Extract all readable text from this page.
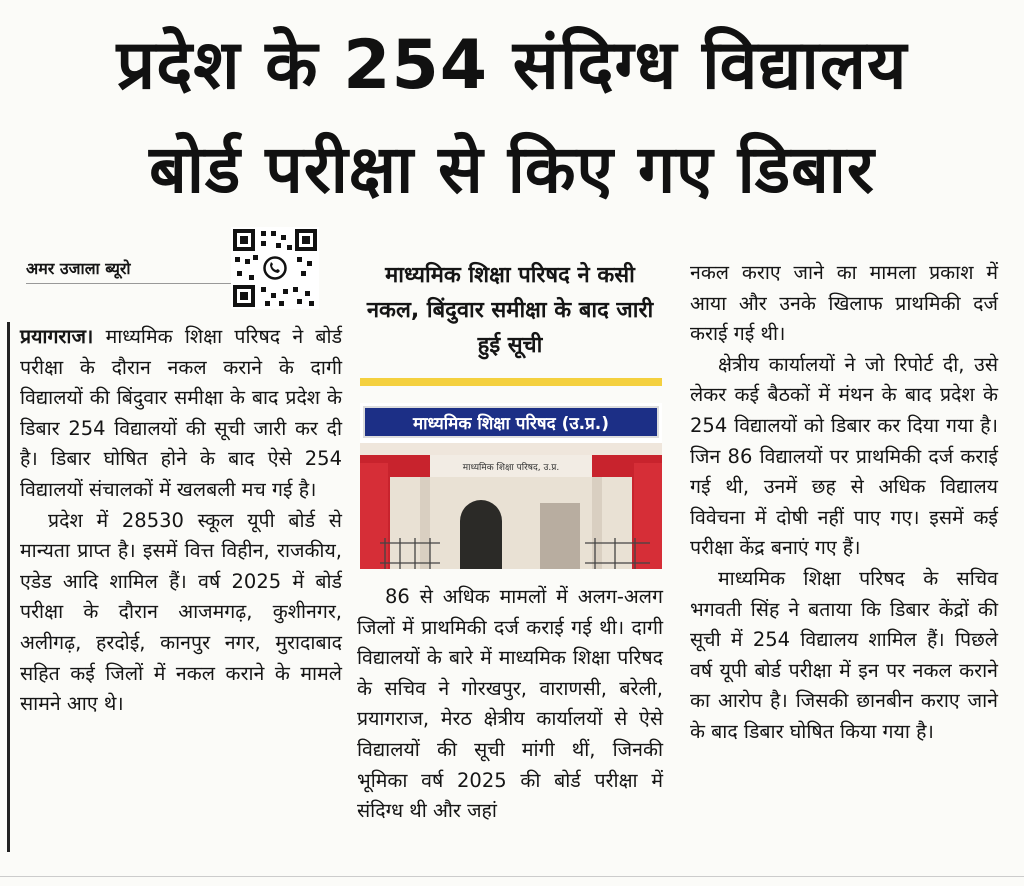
प्रदेश के 254 संदिग्ध विद्यालय
बोर्ड परीक्षा से किए गए डिबार
अमर उजाला ब्यूरो

प्रयागराज। माध्यमिक शिक्षा परिषद ने बोर्ड परीक्षा के दौरान नकल कराने के दागी विद्यालयों की बिंदुवार समीक्षा के बाद प्रदेश के डिबार 254 विद्यालयों की सूची जारी कर दी है। डिबार घोषित होने के बाद ऐसे 254 विद्यालयों संचालकों में खलबली मच गई है।

प्रदेश में 28530 स्कूल यूपी बोर्ड से मान्यता प्राप्त है। इसमें वित्त विहीन, राजकीय, एडेड आदि शामिल हैं। वर्ष 2025 में बोर्ड परीक्षा के दौरान आजमगढ़, कुशीनगर, अलीगढ़, हरदोई, कानपुर नगर, मुरादाबाद सहित कई जिलों में नकल कराने के मामले सामने आए थे।

माध्यमिक शिक्षा परिषद ने कसी नकल, बिंदुवार समीक्षा के बाद जारी हुई सूची
माध्यमिक शिक्षा परिषद (उ.प्र.)
माध्यमिक शिक्षा परिषद, उ.प्र.

86 से अधिक मामलों में अलग-अलग जिलों में प्राथमिकी दर्ज कराई गई थी। दागी विद्यालयों के बारे में माध्यमिक शिक्षा परिषद के सचिव ने गोरखपुर, वाराणसी, बरेली, प्रयागराज, मेरठ क्षेत्रीय कार्यालयों से ऐसे विद्यालयों की सूची मांगी थीं, जिनकी भूमिका वर्ष 2025 की बोर्ड परीक्षा में संदिग्ध थी और जहां

नकल कराए जाने का मामला प्रकाश में आया और उनके खिलाफ प्राथमिकी दर्ज कराई गई थी।

क्षेत्रीय कार्यालयों ने जो रिपोर्ट दी, उसे लेकर कई बैठकों में मंथन के बाद प्रदेश के 254 विद्यालयों को डिबार कर दिया गया है। जिन 86 विद्यालयों पर प्राथमिकी दर्ज कराई गई थी, उनमें छह से अधिक विद्यालय विवेचना में दोषी नहीं पाए गए। इसमें कई परीक्षा केंद्र बनाएं गए हैं।

माध्यमिक शिक्षा परिषद के सचिव भगवती सिंह ने बताया कि डिबार केंद्रों की सूची में 254 विद्यालय शामिल हैं। पिछले वर्ष यूपी बोर्ड परीक्षा में इन पर नकल कराने का आरोप है। जिसकी छानबीन कराए जाने के बाद डिबार घोषित किया गया है।
